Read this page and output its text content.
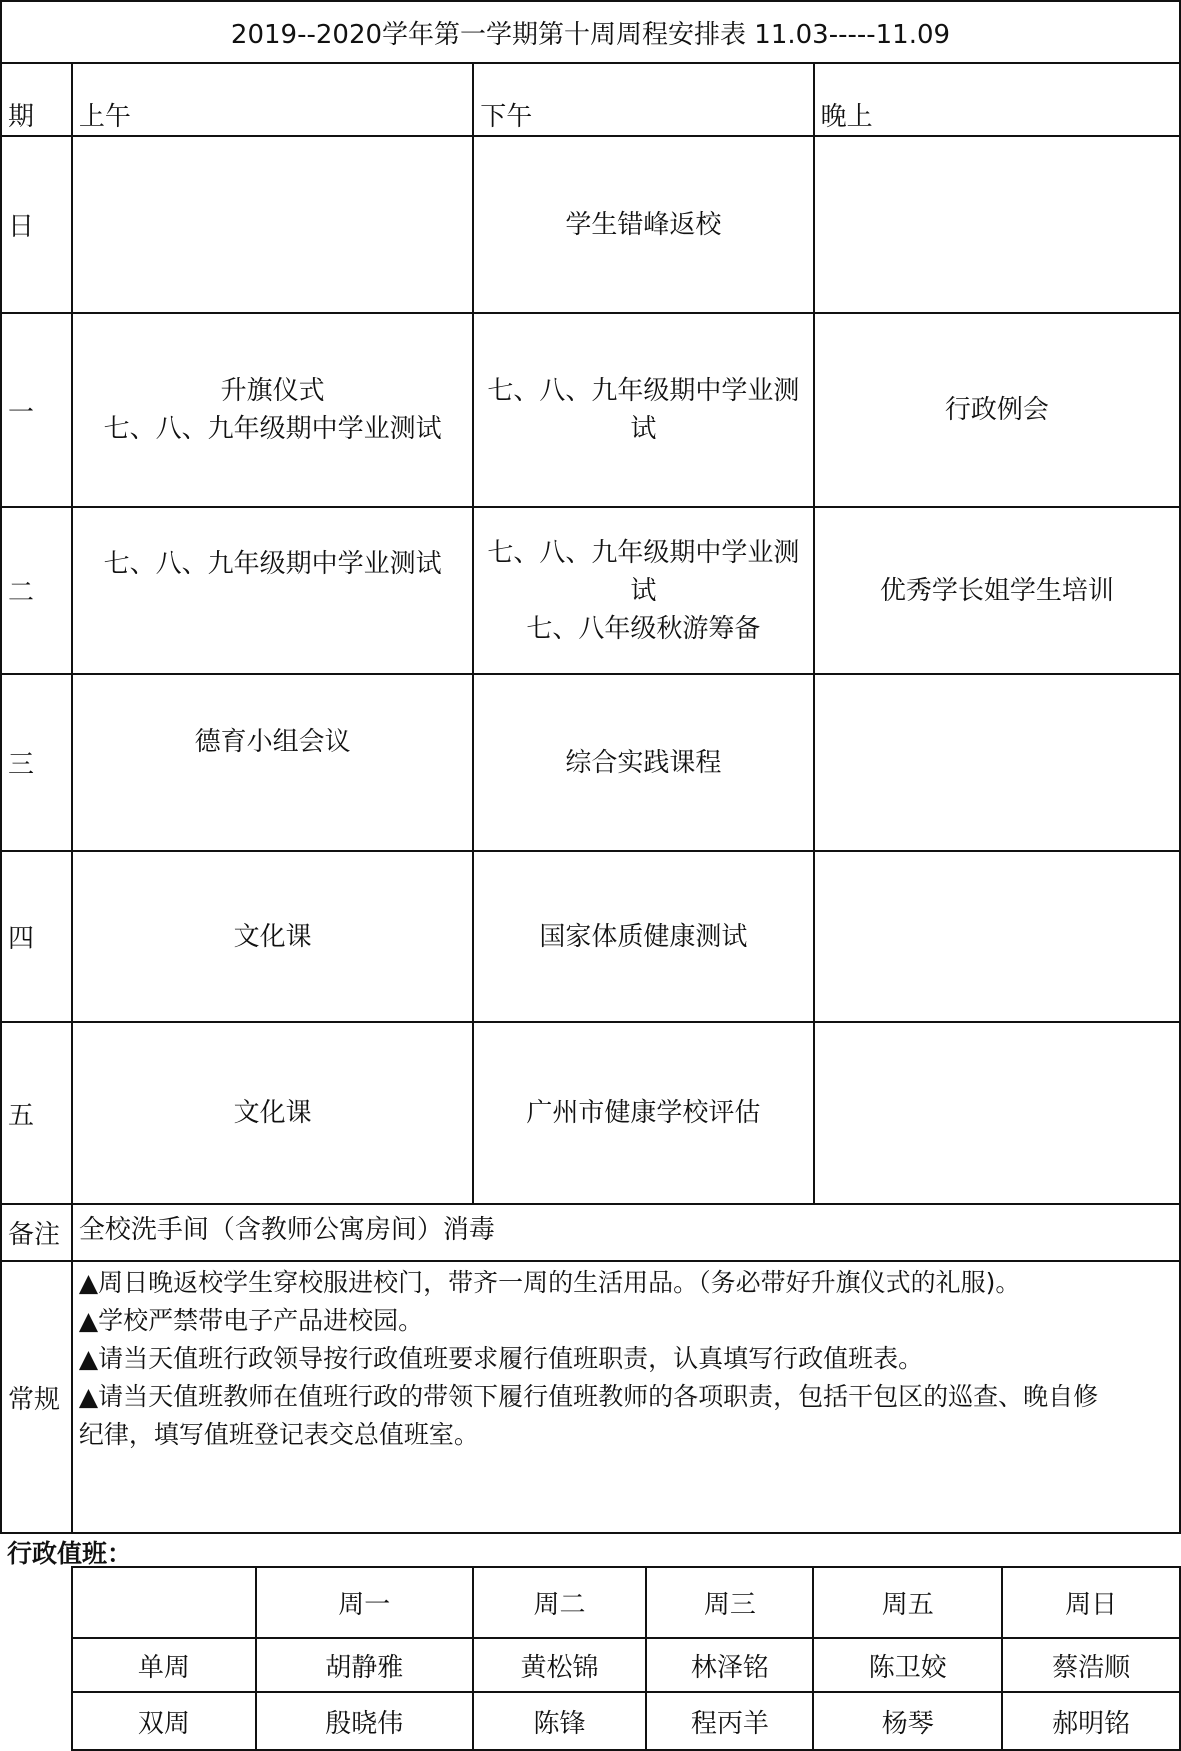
2019--2020学年第一学期第十周周程安排表 11.03-----11.09			
期	上午	下午	晚上
日		学生错峰返校	

一	升旗仪式
七、八、九年级期中学业测试	七、八、九年级期中学业测
试	行政例会

二	七、八、九年级期中学业测试	七、八、九年级期中学业测
试
七、八年级秋游筹备	优秀学长姐学生培训

三	德育小组会议	综合实践课程	

四	文化课	国家体质健康测试	

五	文化课	广州市健康学校评估	

备注	全校洗手间（含教师公寓房间）消毒		
常规	▲周日晚返校学生穿校服进校门，带齐一周的生活用品。（务必带好升旗仪式的礼服)。
▲学校严禁带电子产品进校园。
▲请当天值班行政领导按行政值班要求履行值班职责，认真填写行政值班表。
▲请当天值班教师在值班行政的带领下履行值班教师的各项职责，包括干包区的巡查、晚自修
纪律，填写值班登记表交总值班室。		
行政值班：
	周一	周二	周三	周五	周日
单周	胡静雅	黄松锦	林泽铭	陈卫姣	蔡浩顺
双周	殷晓伟	陈锋	程丙羊	杨琴	郝明铭
